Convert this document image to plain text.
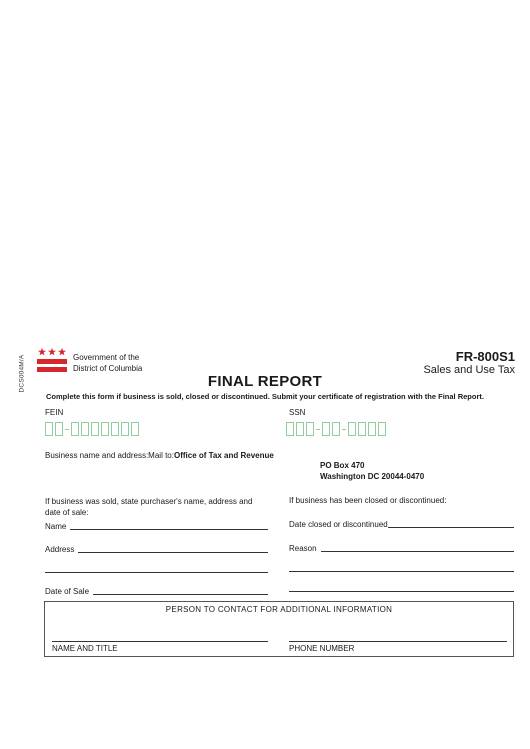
DCS004M/A	Government of the
District of Columbia
FR-800S1
Sales and Use Tax
FINAL REPORT
Complete this form if business is sold, closed or discontinued. Submit your certificate of registration with the Final Report.
FEIN	SSN
Business name and address:Mail to:Office of Tax and Revenue
PO Box 470
Washington DC 20044-0470
If business was sold, state purchaser's name, address and
date of sale:
If business has been closed or discontinued:
Name	Date closed or discontinued
Address	Reason
Date of Sale
PERSON TO CONTACT FOR ADDITIONAL INFORMATION
NAME AND TITLE	PHONE NUMBER
